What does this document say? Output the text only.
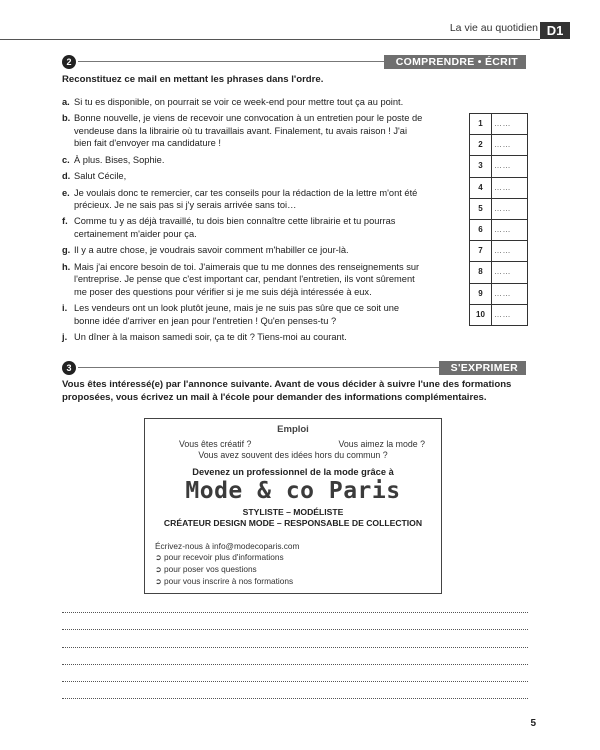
La vie au quotidien D1
2	COMPRENDRE • ÉCRIT
Reconstituez ce mail en mettant les phrases dans l'ordre.
a. Si tu es disponible, on pourrait se voir ce week-end pour mettre tout ça au point.
b. Bonne nouvelle, je viens de recevoir une convocation à un entretien pour le poste de vendeuse dans la librairie où tu travaillais avant. Finalement, tu avais raison ! J'ai bien fait d'envoyer ma candidature !
c. À plus. Bises, Sophie.
d. Salut Cécile,
e. Je voulais donc te remercier, car tes conseils pour la rédaction de la lettre m'ont été précieux. Je ne sais pas si j'y serais arrivée sans toi…
f. Comme tu y as déjà travaillé, tu dois bien connaître cette librairie et tu pourras certainement m'aider pour ça.
g. Il y a autre chose, je voudrais savoir comment m'habiller ce jour-là.
h. Mais j'ai encore besoin de toi. J'aimerais que tu me donnes des renseignements sur l'entreprise. Je pense que c'est important car, pendant l'entretien, ils vont sûrement me poser des questions pour vérifier si je me suis déjà intéressée à eux.
i. Les vendeurs ont un look plutôt jeune, mais je ne suis pas sûre que ce soit une bonne idée d'arriver en jean pour l'entretien ! Qu'en penses-tu ?
j. Un dîner à la maison samedi soir, ça te dit ? Tiens-moi au courant.
1	……
2	……
3	……
4	……
5	……
6	……
7	……
8	……
9	……
10	……
3	S'EXPRIMER
Vous êtes intéressé(e) par l'annonce suivante. Avant de vous décider à suivre l'une des formations proposées, vous écrivez un mail à l'école pour demander des informations complémentaires.
Emploi
Vous êtes créatif ?	Vous aimez la mode ?
Vous avez souvent des idées hors du commun ?
Devenez un professionnel de la mode grâce à
Mode & co Paris
STYLISTE – MODÉLISTE
CRÉATEUR DESIGN MODE – RESPONSABLE DE COLLECTION
Écrivez-nous à info@modecoparis.com
➲ pour recevoir plus d'informations
➲ pour poser vos questions
➲ pour vous inscrire à nos formations
5
